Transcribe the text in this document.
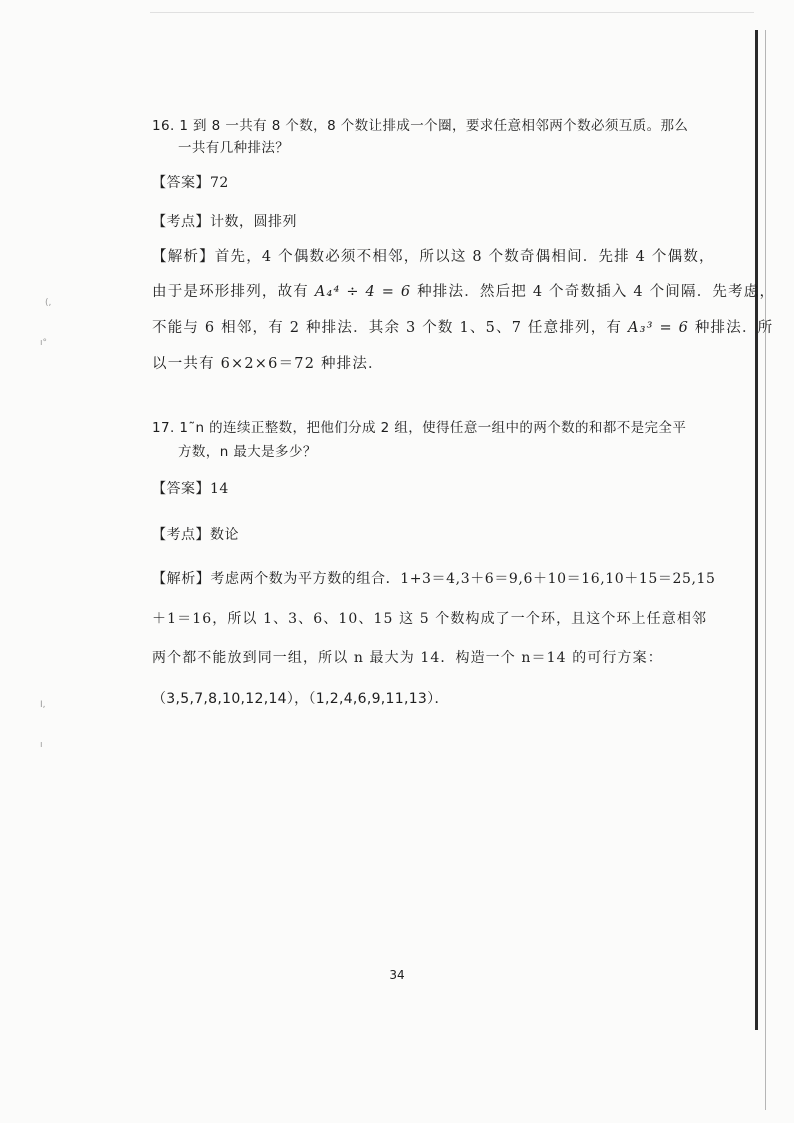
(,
ı°
I,
ı
16. 1 到 8 一共有 8 个数，8 个数让排成一个圈，要求任意相邻两个数必须互质。那么
一共有几种排法？
【答案】72
【考点】计数，圆排列
【解析】首先，4 个偶数必须不相邻，所以这 8 个数奇偶相间．先排 4 个偶数，
由于是环形排列，故有 A₄⁴ ÷ 4 = 6 种排法．然后把 4 个奇数插入 4 个间隔．先考虑，
不能与 6 相邻，有 2 种排法．其余 3 个数 1、5、7 任意排列，有 A₃³ = 6 种排法．所
以一共有 6×2×6＝72 种排法．
17. 1˜n 的连续正整数，把他们分成 2 组，使得任意一组中的两个数的和都不是完全平
方数，n 最大是多少？
【答案】14
【考点】数论
【解析】考虑两个数为平方数的组合．1+3＝4,3＋6＝9,6＋10＝16,10＋15＝25,15
＋1＝16，所以 1、3、6、10、15 这 5 个数构成了一个环，且这个环上任意相邻
两个都不能放到同一组，所以 n 最大为 14．构造一个 n＝14 的可行方案：
（3,5,7,8,10,12,14），（1,2,4,6,9,11,13）．
34
